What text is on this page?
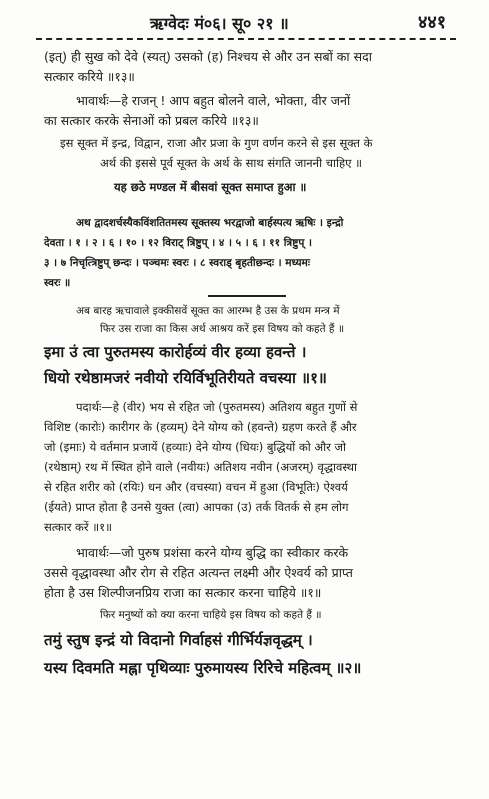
ऋग्वेदः मं०६। सू० २१ ॥	४४१
(इत्) ही सुख को देवे (स्यत्) उसको (ह) निश्चय से और उन सबों का सदा
सत्कार करिये ॥१३॥
भावार्थः—हे राजन् ! आप बहुत बोलने वाले, भोक्ता, वीर जनों
का सत्कार करके सेनाओं को प्रबल करिये ॥१३॥
इस सूक्त में इन्द्र, विद्वान, राजा और प्रजा के गुण वर्णन करने से इस सूक्त के
अर्थ की इससे पूर्व सूक्त के अर्थ के साथ संगति जाननी चाहिए ॥
यह छठे मण्डल में बीसवां सूक्त समाप्त हुआ ॥
अथ द्वादशर्चस्यैकविंशतितमस्य सूक्तस्य भरद्वाजो बार्हस्पत्य ऋषिः । इन्द्रो
देवता । १ । २ । ६ । १० । १२ विराट् त्रिष्टुप् । ४ । ५ । ६ । ११ त्रिष्टुप् ।
३ । ७ निचृत्त्रिष्टुप् छन्दः । पञ्चमः स्वरः । ८ स्वराड् बृहतीछन्दः । मध्यमः
स्वरः ॥
अब बारह ऋचावाले इक्कीसवें सूक्त का आरम्भ है उस के प्रथम मन्त्र में
फिर उस राजा का किस अर्थ आश्रय करें इस विषय को कहते हैं ॥
इमा उं त्वा पुरुतमस्य कारोर्हव्यं वीर हव्या हवन्ते ।
धियो रथेष्ठामजरं नवीयो रयिर्विभूतिरीयते वचस्या ॥१॥
पदार्थः—हे (वीर) भय से रहित जो (पुरुतमस्य) अतिशय बहुत गुणों से
विशिष्ट (कारोः) कारीगर के (हव्यम्) देने योग्य को (हवन्ते) ग्रहण करते हैं और
जो (इमाः) ये वर्तमान प्रजायें (हव्याः) देने योग्य (धियः) बुद्धियों को और जो
(रथेष्ठाम्) रथ में स्थित होने वाले (नवीयः) अतिशय नवीन (अजरम्) वृद्धावस्था
से रहित शरीर को (रयिः) धन और (वचस्या) वचन में हुआ (विभूतिः) ऐश्वर्य
(ईयते) प्राप्त होता है उनसे युक्त (त्वा) आपका (उ) तर्क वितर्क से हम लोग
सत्कार करें ॥१॥
भावार्थः—जो पुरुष प्रशंसा करने योग्य बुद्धि का स्वीकार करके
उससे वृद्धावस्था और रोग से रहित अत्यन्त लक्ष्मी और ऐश्वर्य को प्राप्त
होता है उस शिल्पीजनप्रिय राजा का सत्कार करना चाहिये ॥१॥
फिर मनुष्यों को क्या करना चाहिये इस विषय को कहते हैं ॥
तमुं स्तुष इन्द्रं यो विदानो गिर्वाहसं गीर्भिर्यज्ञवृद्धम् ।
यस्य दिवमति मह्ना पृथिव्याः पुरुमायस्य रिरिचे महित्वम् ॥२॥
